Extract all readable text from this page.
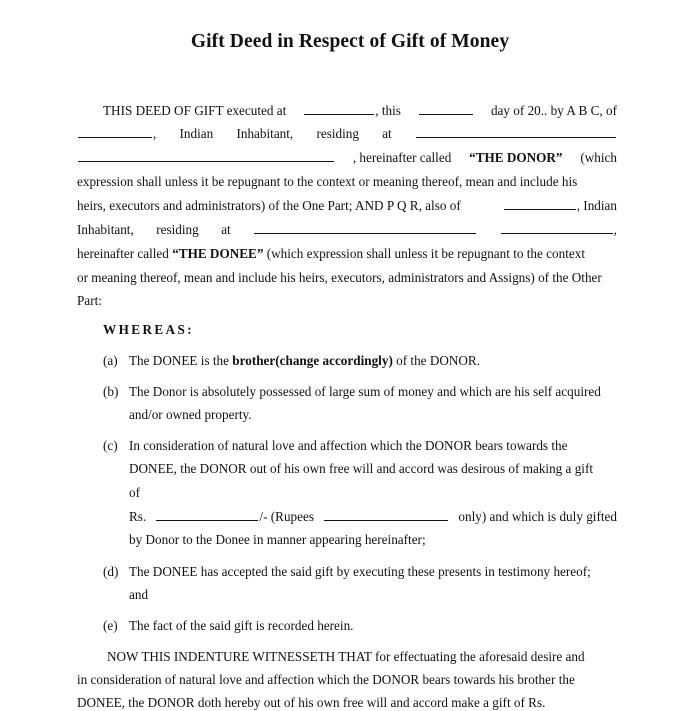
Gift Deed in Respect of Gift of Money
THIS DEED OF GIFT executed at	, this	day of 20.. by A B C, of
, Indian Inhabitant, residing at
, hereinafter called “THE DONOR” (which
expression shall unless it be repugnant to the context or meaning thereof, mean and include his
heirs, executors and administrators) of the One Part; AND P Q R, also of	, Indian
Inhabitant, residing at	,
hereinafter called “THE DONEE” (which expression shall unless it be repugnant to the context
or meaning thereof, mean and include his heirs, executors, administrators and Assigns) of the Other
Part:
WHEREAS:
(a) The DONEE is the brother(change accordingly) of the DONOR.
(b) The Donor is absolutely possessed of large sum of money and which are his self acquired
and/or owned property.
(c) In consideration of natural love and affection which the DONOR bears towards the
DONEE, the DONOR out of his own free will and accord was desirous of making a gift
of
Rs.	/- (Rupees	only) and which is duly gifted
by Donor to the Donee in manner appearing hereinafter;
(d) The DONEE has accepted the said gift by executing these presents in testimony hereof;
and
(e) The fact of the said gift is recorded herein.
NOW THIS INDENTURE WITNESSETH THAT for effectuating the aforesaid desire and
in consideration of natural love and affection which the DONOR bears towards his brother the
DONEE, the DONOR doth hereby out of his own free will and accord make a gift of Rs.
